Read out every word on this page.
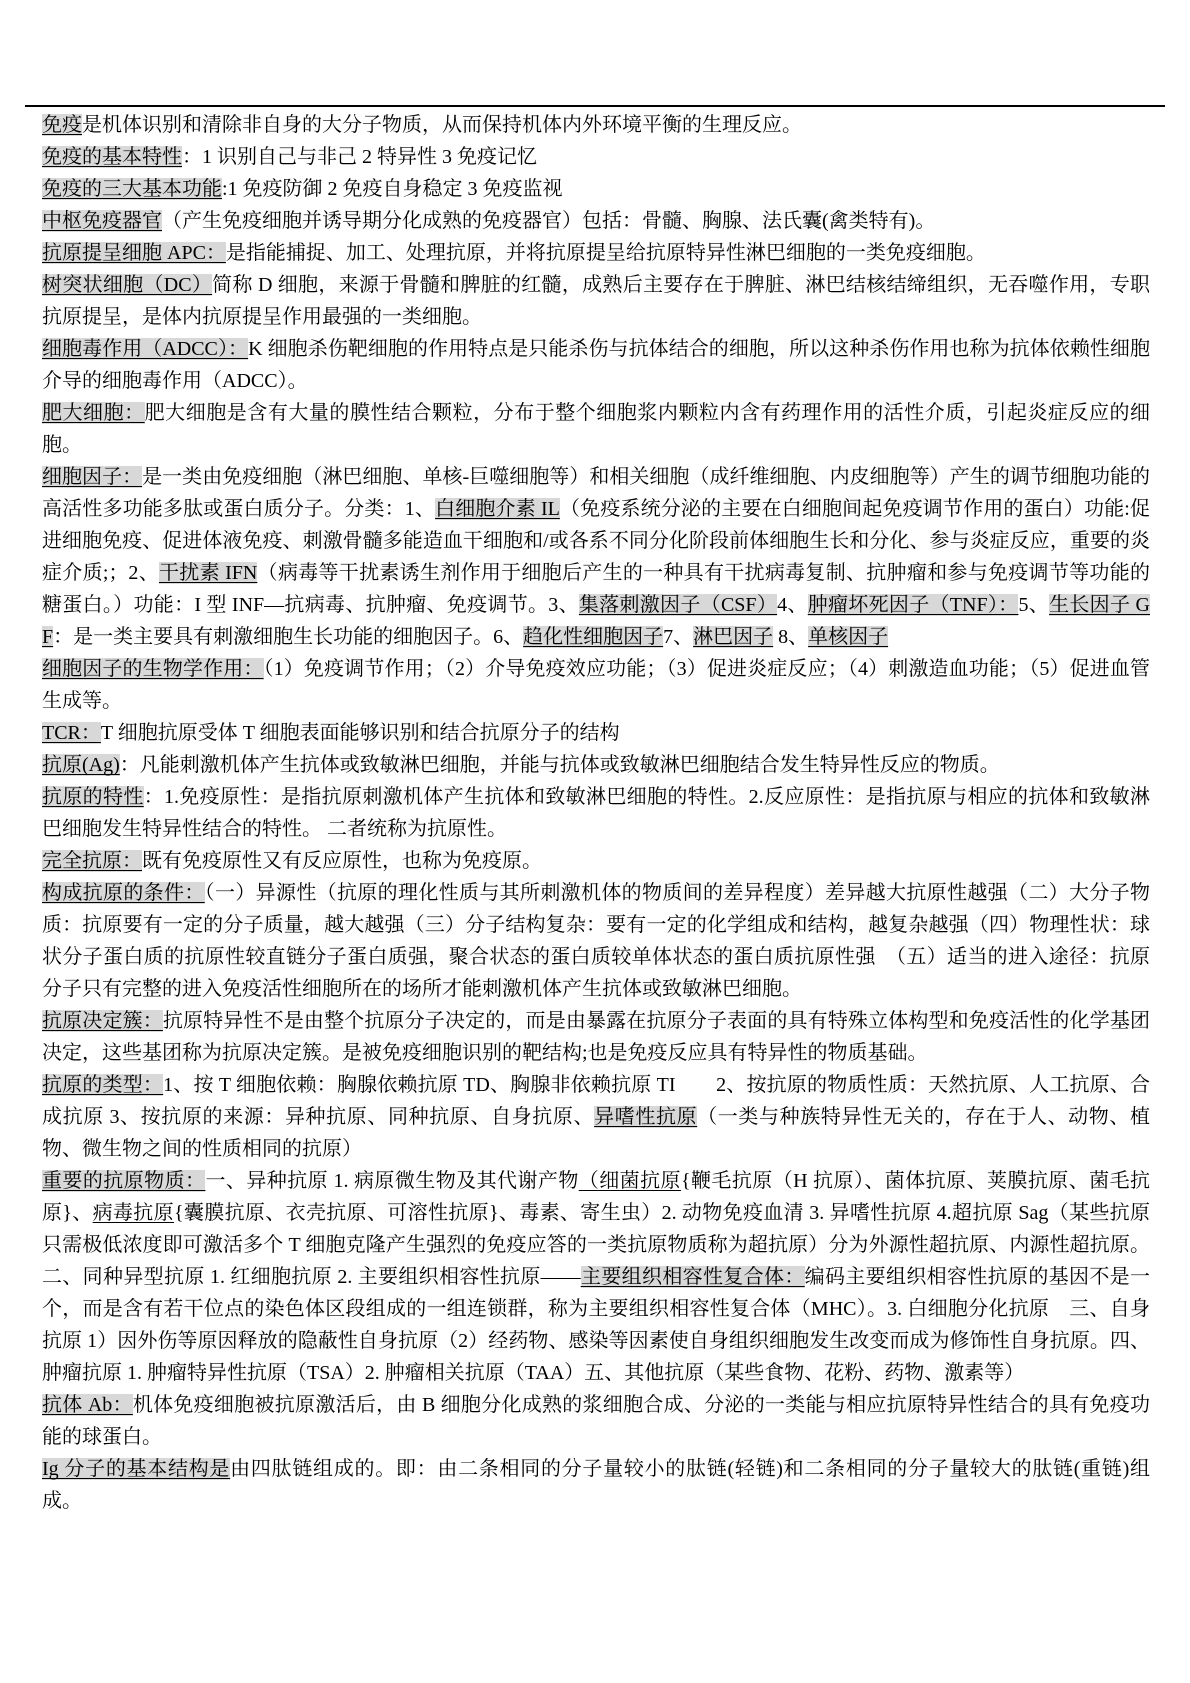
免疫是机体识别和清除非自身的大分子物质，从而保持机体内外环境平衡的生理反应。

免疫的基本特性：1 识别自己与非己 2 特异性 3 免疫记忆

免疫的三大基本功能:1 免疫防御 2 免疫自身稳定 3 免疫监视

中枢免疫器官（产生免疫细胞并诱导期分化成熟的免疫器官）包括：骨髓、胸腺、法氏囊(禽类特有)。

抗原提呈细胞 APC：是指能捕捉、加工、处理抗原，并将抗原提呈给抗原特异性淋巴细胞的一类免疫细胞。

树突状细胞（DC）简称 D 细胞，来源于骨髓和脾脏的红髓，成熟后主要存在于脾脏、淋巴结核结缔组织，无吞噬作用，专职抗原提呈，是体内抗原提呈作用最强的一类细胞。

细胞毒作用（ADCC）：K 细胞杀伤靶细胞的作用特点是只能杀伤与抗体结合的细胞，所以这种杀伤作用也称为抗体依赖性细胞介导的细胞毒作用（ADCC）。

肥大细胞：肥大细胞是含有大量的膜性结合颗粒，分布于整个细胞浆内颗粒内含有药理作用的活性介质，引起炎症反应的细胞。

细胞因子：是一类由免疫细胞（淋巴细胞、单核-巨噬细胞等）和相关细胞（成纤维细胞、内皮细胞等）产生的调节细胞功能的高活性多功能多肽或蛋白质分子。分类：1、白细胞介素 IL（免疫系统分泌的主要在白细胞间起免疫调节作用的蛋白）功能:促进细胞免疫、促进体液免疫、刺激骨髓多能造血干细胞和/或各系不同分化阶段前体细胞生长和分化、参与炎症反应，重要的炎症介质;；2、干扰素 IFN（病毒等干扰素诱生剂作用于细胞后产生的一种具有干扰病毒复制、抗肿瘤和参与免疫调节等功能的糖蛋白。）功能：I 型 INF—抗病毒、抗肿瘤、免疫调节。3、集落刺激因子（CSF）4、肿瘤坏死因子（TNF）：5、生长因子 GF：是一类主要具有刺激细胞生长功能的细胞因子。6、趋化性细胞因子7、淋巴因子 8、单核因子

细胞因子的生物学作用：（1）免疫调节作用；（2）介导免疫效应功能；（3）促进炎症反应；（4）刺激造血功能；（5）促进血管生成等。

TCR：T 细胞抗原受体 T 细胞表面能够识别和结合抗原分子的结构

抗原(Ag)：凡能刺激机体产生抗体或致敏淋巴细胞，并能与抗体或致敏淋巴细胞结合发生特异性反应的物质。

抗原的特性：1.免疫原性：是指抗原刺激机体产生抗体和致敏淋巴细胞的特性。2.反应原性：是指抗原与相应的抗体和致敏淋巴细胞发生特异性结合的特性。 二者统称为抗原性。

完全抗原：既有免疫原性又有反应原性，也称为免疫原。

构成抗原的条件：（一）异源性（抗原的理化性质与其所刺激机体的物质间的差异程度）差异越大抗原性越强（二）大分子物质：抗原要有一定的分子质量，越大越强（三）分子结构复杂：要有一定的化学组成和结构，越复杂越强（四）物理性状：球状分子蛋白质的抗原性较直链分子蛋白质强，聚合状态的蛋白质较单体状态的蛋白质抗原性强　（五）适当的进入途径：抗原分子只有完整的进入免疫活性细胞所在的场所才能刺激机体产生抗体或致敏淋巴细胞。

抗原决定簇：抗原特异性不是由整个抗原分子决定的，而是由暴露在抗原分子表面的具有特殊立体构型和免疫活性的化学基团决定，这些基团称为抗原决定簇。是被免疫细胞识别的靶结构;也是免疫反应具有特异性的物质基础。

抗原的类型：1、按 T 细胞依赖：胸腺依赖抗原 TD、胸腺非依赖抗原 TI　　2、按抗原的物质性质：天然抗原、人工抗原、合成抗原 3、按抗原的来源：异种抗原、同种抗原、自身抗原、异嗜性抗原（一类与种族特异性无关的，存在于人、动物、植物、微生物之间的性质相同的抗原）

重要的抗原物质：一、异种抗原 1. 病原微生物及其代谢产物（细菌抗原{鞭毛抗原（H 抗原）、菌体抗原、荚膜抗原、菌毛抗原}、病毒抗原{囊膜抗原、衣壳抗原、可溶性抗原}、毒素、寄生虫）2. 动物免疫血清 3. 异嗜性抗原 4.超抗原 Sag（某些抗原只需极低浓度即可激活多个 T 细胞克隆产生强烈的免疫应答的一类抗原物质称为超抗原）分为外源性超抗原、内源性超抗原。二、同种异型抗原 1. 红细胞抗原 2. 主要组织相容性抗原——主要组织相容性复合体：编码主要组织相容性抗原的基因不是一个，而是含有若干位点的染色体区段组成的一组连锁群，称为主要组织相容性复合体（MHC）。3. 白细胞分化抗原　三、自身抗原 1）因外伤等原因释放的隐蔽性自身抗原（2）经药物、感染等因素使自身组织细胞发生改变而成为修饰性自身抗原。四、肿瘤抗原 1. 肿瘤特异性抗原（TSA）2. 肿瘤相关抗原（TAA）五、其他抗原（某些食物、花粉、药物、激素等）

抗体 Ab：机体免疫细胞被抗原激活后，由 B 细胞分化成熟的浆细胞合成、分泌的一类能与相应抗原特异性结合的具有免疫功能的球蛋白。

Ig 分子的基本结构是由四肽链组成的。即：由二条相同的分子量较小的肽链(轻链)和二条相同的分子量较大的肽链(重链)组成。
